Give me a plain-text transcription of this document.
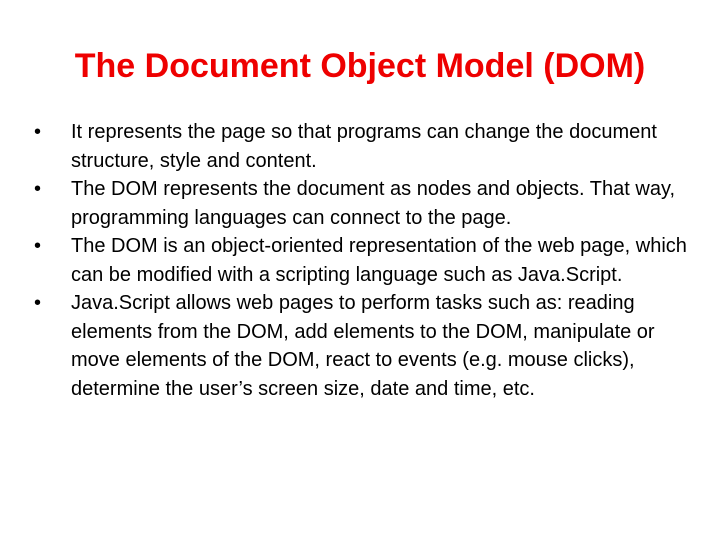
The Document Object Model (DOM)
•	It represents the page so that programs can change the document structure, style and content.
•	The DOM represents the document as nodes and objects. That way, programming languages can connect to the page.
•	The DOM is an object-oriented representation of the web page, which can be modified with a scripting language such as Java.Script.
•	Java.Script allows web pages to perform tasks such as: reading elements from the DOM, add elements to the DOM, manipulate or move elements of the DOM, react to events (e.g. mouse clicks), determine the user’s screen size, date and time, etc.
